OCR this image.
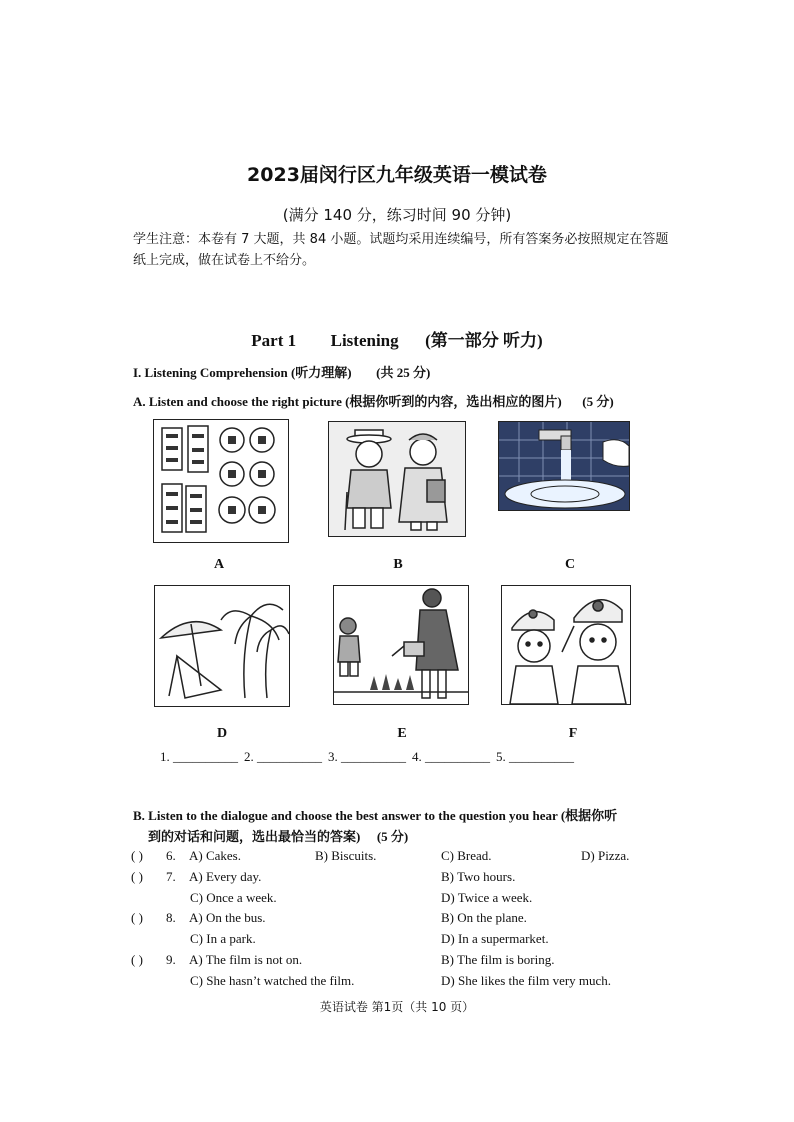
2023届闵行区九年级英语一模试卷
(满分 140 分，练习时间 90 分钟)
学生注意：本卷有 7 大题，共 84 小题。试题均采用连续编号，所有答案务必按照规定在答题纸上完成，做在试卷上不给分。
Part 1 Listening (第一部分 听力)
I. Listening Comprehension (听力理解) (共 25 分)
A. Listen and choose the right picture (根据你听到的内容，选出相应的图片) (5 分)
A	B	C
D	E	F
1. __________ 2. __________ 3. __________ 4. __________ 5. __________
B. Listen to the dialogue and choose the best answer to the question you hear (根据你听
到的对话和问题，选出最恰当的答案) (5 分)
( ) 6. A) Cakes.	B) Biscuits.	C) Bread.	D) Pizza.
( ) 7. A) Every day.	B) Two hours.
C) Once a week.	D) Twice a week.
( ) 8. A) On the bus.	B) On the plane.
C) In a park.	D) In a supermarket.
( ) 9. A) The film is not on.	B) The film is boring.
C) She hasn’t watched the film.	D) She likes the film very much.
英语试卷 第1页（共 10 页）
